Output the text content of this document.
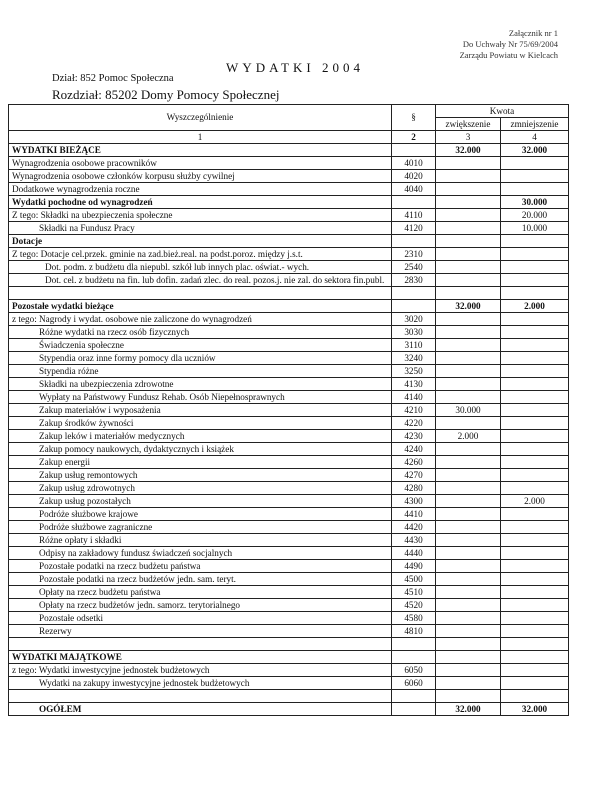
Załącznik nr 1
Do Uchwały Nr 75/69/2004
Zarządu Powiatu w Kielcach
WYDATKI 2004
Dział: 852 Pomoc Społeczna
Rozdział: 85202 Domy Pomocy Społecznej
Wyszczególnienie	§	Kwota	
		zwiększenie	zmniejszenie
1	2	3	4
WYDATKI BIEŻĄCE		32.000	32.000
Wynagrodzenia osobowe pracowników	4010		
Wynagrodzenia osobowe członków korpusu służby cywilnej	4020		
Dodatkowe wynagrodzenia roczne	4040		
Wydatki pochodne od wynagrodzeń			30.000
Z tego: Składki na ubezpieczenia społeczne	4110		20.000
Składki na Fundusz Pracy	4120		10.000
Dotacje			
Z tego: Dotacje cel.przek. gminie na zad.bież.real. na podst.poroz. między j.s.t.	2310		
Dot. podm. z budżetu dla niepubl. szkół lub innych plac. oświat.- wych.	2540		
Dot. cel. z budżetu na fin. lub dofin. zadań zlec. do real. pozos.j. nie zal. do sektora fin.publ.	2830		

Pozostałe wydatki bieżące		32.000	2.000
z tego: Nagrody i wydat. osobowe nie zaliczone do wynagrodzeń	3020		
Różne wydatki na rzecz osób fizycznych	3030		
Świadczenia społeczne	3110		
Stypendia oraz inne formy pomocy dla uczniów	3240		
Stypendia różne	3250		
Składki na ubezpieczenia zdrowotne	4130		
Wypłaty na Państwowy Fundusz Rehab. Osób Niepełnosprawnych	4140		
Zakup materiałów i wyposażenia	4210	30.000	
Zakup środków żywności	4220		
Zakup leków i materiałów medycznych	4230	2.000	
Zakup pomocy naukowych, dydaktycznych i książek	4240		
Zakup energii	4260		
Zakup usług remontowych	4270		
Zakup usług zdrowotnych	4280		
Zakup usług pozostałych	4300		2.000
Podróże służbowe krajowe	4410		
Podróże służbowe zagraniczne	4420		
Różne opłaty i składki	4430		
Odpisy na zakładowy fundusz świadczeń socjalnych	4440		
Pozostałe podatki na rzecz budżetu państwa	4490		
Pozostałe podatki na rzecz budżetów jedn. sam. teryt.	4500		
Opłaty na rzecz budżetu państwa	4510		
Opłaty na rzecz budżetów jedn. samorz. terytorialnego	4520		
Pozostałe odsetki	4580		
Rezerwy	4810		

WYDATKI MAJĄTKOWE			
z tego: Wydatki inwestycyjne jednostek budżetowych	6050		
Wydatki na zakupy inwestycyjne jednostek budżetowych	6060		

OGÓŁEM		32.000	32.000
